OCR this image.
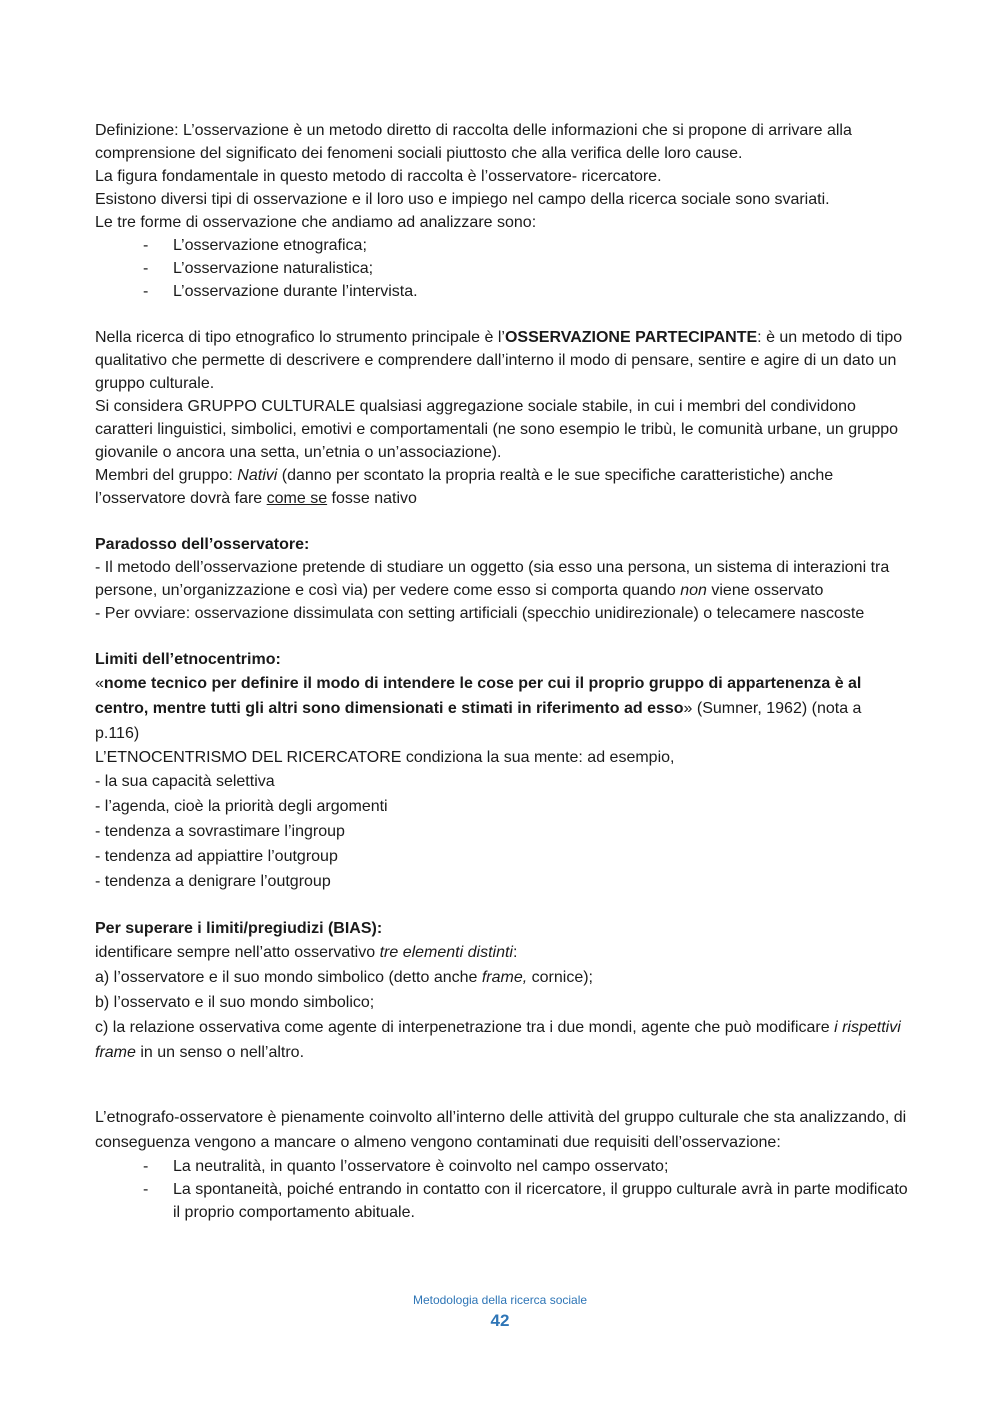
Definizione: L’osservazione è un metodo diretto di raccolta delle informazioni che si propone di arrivare alla comprensione del significato dei fenomeni sociali piuttosto che alla verifica delle loro cause.

La figura fondamentale in questo metodo di raccolta è l’osservatore- ricercatore.

Esistono diversi tipi di osservazione e il loro uso e impiego nel campo della ricerca sociale sono svariati.

Le tre forme di osservazione che andiamo ad analizzare sono:

- L’osservazione etnografica;
- L’osservazione naturalistica;
- L’osservazione durante l’intervista.

Nella ricerca di tipo etnografico lo strumento principale è l’OSSERVAZIONE PARTECIPANTE: è un metodo di tipo qualitativo che permette di descrivere e comprendere dall’interno il modo di pensare, sentire e agire di un dato un gruppo culturale.

Si considera GRUPPO CULTURALE qualsiasi aggregazione sociale stabile, in cui i membri del condividono caratteri linguistici, simbolici, emotivi e comportamentali (ne sono esempio le tribù, le comunità urbane, un gruppo giovanile o ancora una setta, un’etnia o un’associazione).

Membri del gruppo: Nativi (danno per scontato la propria realtà e le sue specifiche caratteristiche) anche l’osservatore dovrà fare come se fosse nativo

Paradosso dell’osservatore:

- Il metodo dell’osservazione pretende di studiare un oggetto (sia esso una persona, un sistema di interazioni tra persone, un’organizzazione e così via) per vedere come esso si comporta quando non viene osservato

- Per ovviare: osservazione dissimulata con setting artificiali (specchio unidirezionale) o telecamere nascoste

Limiti dell’etnocentrimo:

«nome tecnico per definire il modo di intendere le cose per cui il proprio gruppo di appartenenza è al centro, mentre tutti gli altri sono dimensionati e stimati in riferimento ad esso» (Sumner, 1962) (nota a p.116)

L’ETNOCENTRISMO DEL RICERCATORE condiziona la sua mente: ad esempio,

- la sua capacità selettiva

- l’agenda, cioè la priorità degli argomenti

- tendenza a sovrastimare l’ingroup

- tendenza ad appiattire l’outgroup

- tendenza a denigrare l’outgroup

Per superare i limiti/pregiudizi (BIAS):

identificare sempre nell’atto osservativo tre elementi distinti:

a) l’osservatore e il suo mondo simbolico (detto anche frame, cornice);

b) l’osservato e il suo mondo simbolico;

c) la relazione osservativa come agente di interpenetrazione tra i due mondi, agente che può modificare i rispettivi frame in un senso o nell’altro.

L’etnografo-osservatore è pienamente coinvolto all’interno delle attività del gruppo culturale che sta analizzando, di conseguenza vengono a mancare o almeno vengono contaminati due requisiti dell’osservazione:

- La neutralità, in quanto l’osservatore è coinvolto nel campo osservato;
- La spontaneità, poiché entrando in contatto con il ricercatore, il gruppo culturale avrà in parte modificato il proprio comportamento abituale.
Metodologia della ricerca sociale
42
